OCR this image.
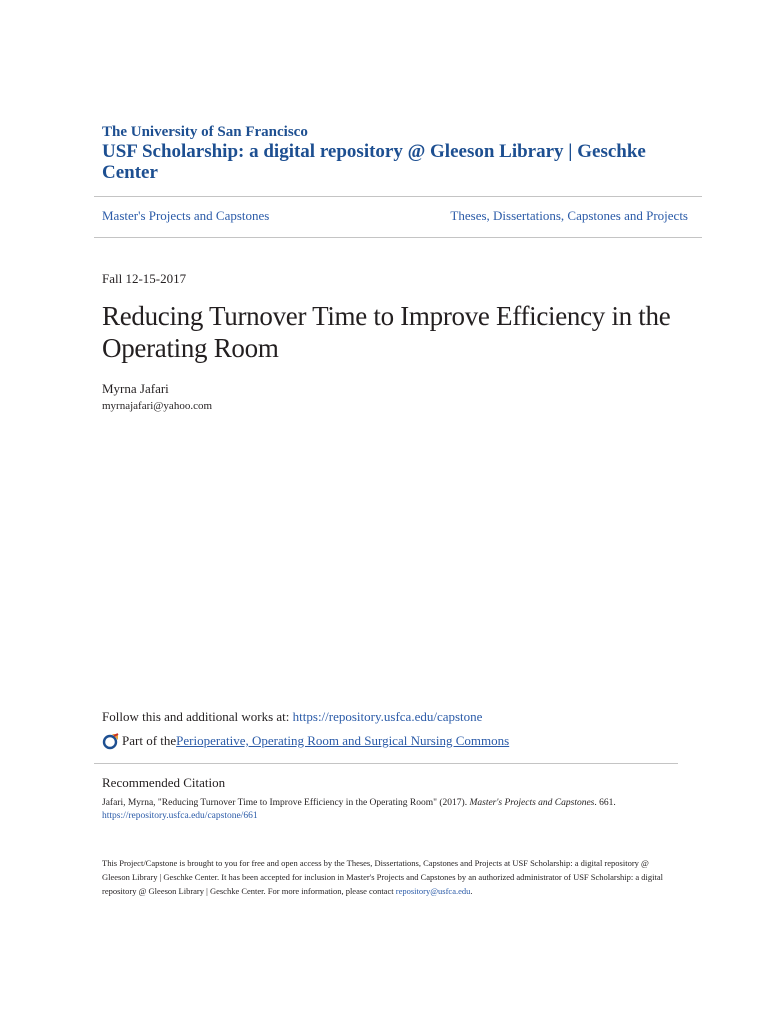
The University of San Francisco
USF Scholarship: a digital repository @ Gleeson Library | Geschke Center
Master's Projects and Capstones	Theses, Dissertations, Capstones and Projects
Fall 12-15-2017
Reducing Turnover Time to Improve Efficiency in the Operating Room
Myrna Jafari
myrnajafari@yahoo.com
Follow this and additional works at: https://repository.usfca.edu/capstone
Part of the Perioperative, Operating Room and Surgical Nursing Commons
Recommended Citation
Jafari, Myrna, "Reducing Turnover Time to Improve Efficiency in the Operating Room" (2017). Master's Projects and Capstones. 661.
https://repository.usfca.edu/capstone/661
This Project/Capstone is brought to you for free and open access by the Theses, Dissertations, Capstones and Projects at USF Scholarship: a digital repository @ Gleeson Library | Geschke Center. It has been accepted for inclusion in Master's Projects and Capstones by an authorized administrator of USF Scholarship: a digital repository @ Gleeson Library | Geschke Center. For more information, please contact repository@usfca.edu.
